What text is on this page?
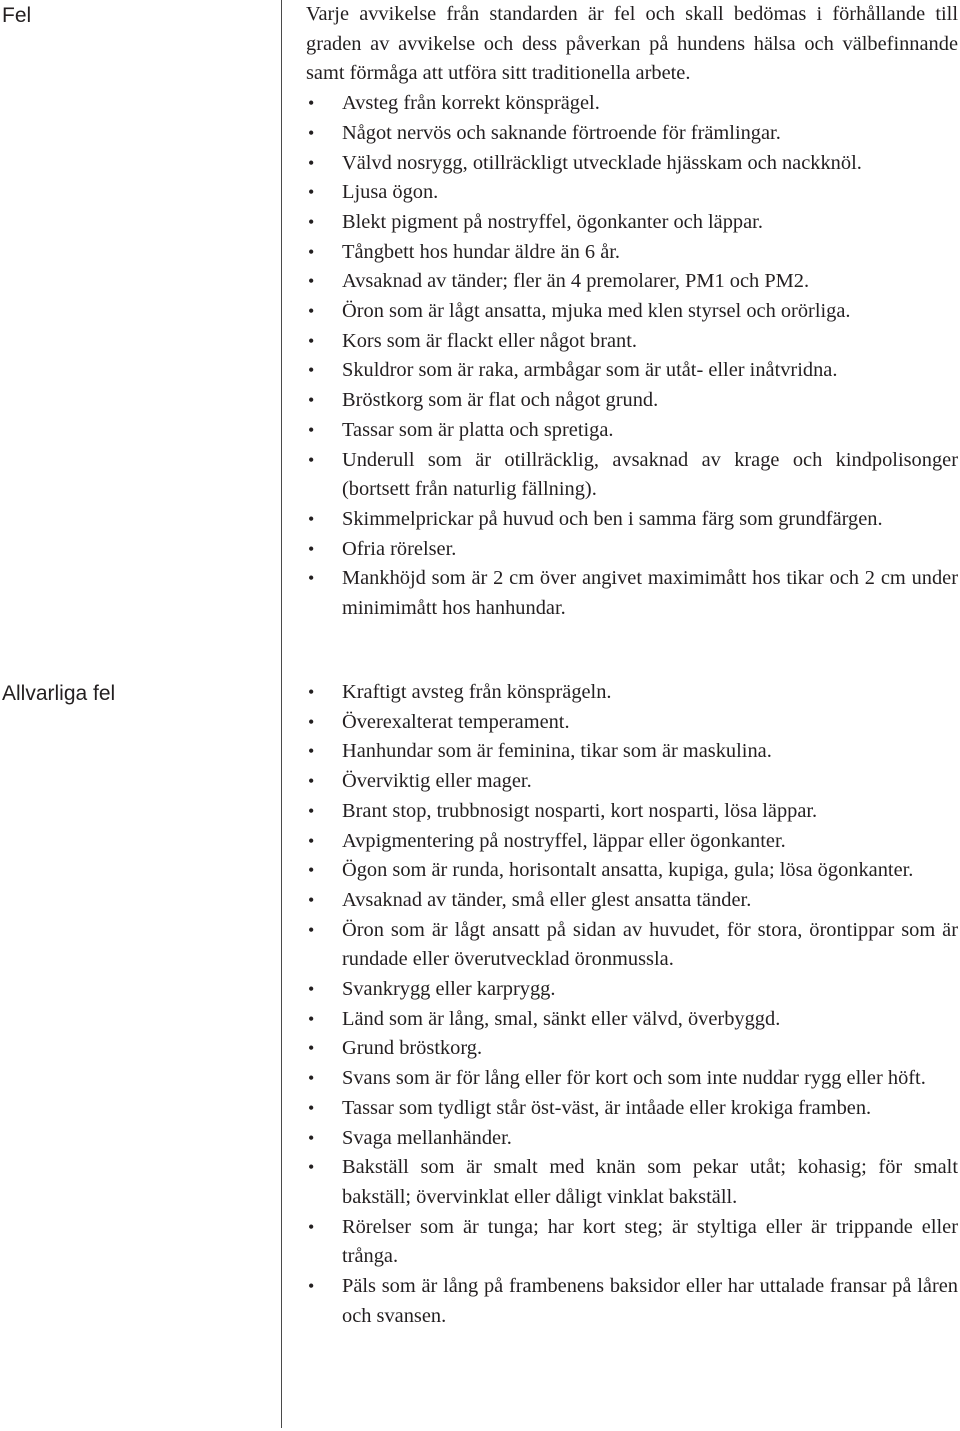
Fel
Allvarliga fel

Varje avvikelse från standarden är fel och skall bedömas i förhållande till graden av avvikelse och dess påverkan på hundens hälsa och välbefinnande samt förmåga att utföra sitt traditionella arbete.

• Avsteg från korrekt könsprägel.
• Något nervös och saknande förtroende för främlingar.
• Välvd nosrygg, otillräckligt utvecklade hjässkam och nackknöl.
• Ljusa ögon.
• Blekt pigment på nostryffel, ögonkanter och läppar.
• Tångbett hos hundar äldre än 6 år.
• Avsaknad av tänder; fler än 4 premolarer, PM1 och PM2.
• Öron som är lågt ansatta, mjuka med klen styrsel och orörliga.
• Kors som är flackt eller något brant.
• Skuldror som är raka, armbågar som är utåt- eller inåtvridna.
• Bröstkorg som är flat och något grund.
• Tassar som är platta och spretiga.
• Underull som är otillräcklig, avsaknad av krage och kindpolisonger (bortsett från naturlig fällning).
• Skimmelprickar på huvud och ben i samma färg som grundfärgen.
• Ofria rörelser.
• Mankhöjd som är 2 cm över angivet maximimått hos tikar och 2 cm under minimimått hos hanhundar.
• Kraftigt avsteg från könsprägeln.
• Överexalterat temperament.
• Hanhundar som är feminina, tikar som är maskulina.
• Överviktig eller mager.
• Brant stop, trubbnosigt nosparti, kort nosparti, lösa läppar.
• Avpigmentering på nostryffel, läppar eller ögonkanter.
• Ögon som är runda, horisontalt ansatta, kupiga, gula; lösa ögonkanter.
• Avsaknad av tänder, små eller glest ansatta tänder.
• Öron som är lågt ansatt på sidan av huvudet, för stora, örontippar som är rundade eller överutvecklad öronmussla.
• Svankrygg eller karprygg.
• Länd som är lång, smal, sänkt eller välvd, överbyggd.
• Grund bröstkorg.
• Svans som är för lång eller för kort och som inte nuddar rygg eller höft.
• Tassar som tydligt står öst-väst, är intåade eller krokiga framben.
• Svaga mellanhänder.
• Bakställ som är smalt med knän som pekar utåt; kohasig; för smalt bakställ; övervinklat eller dåligt vinklat bakställ.
• Rörelser som är tunga; har kort steg; är styltiga eller är trippande eller trånga.
• Päls som är lång på frambenens baksidor eller har uttalade fransar på låren och svansen.
